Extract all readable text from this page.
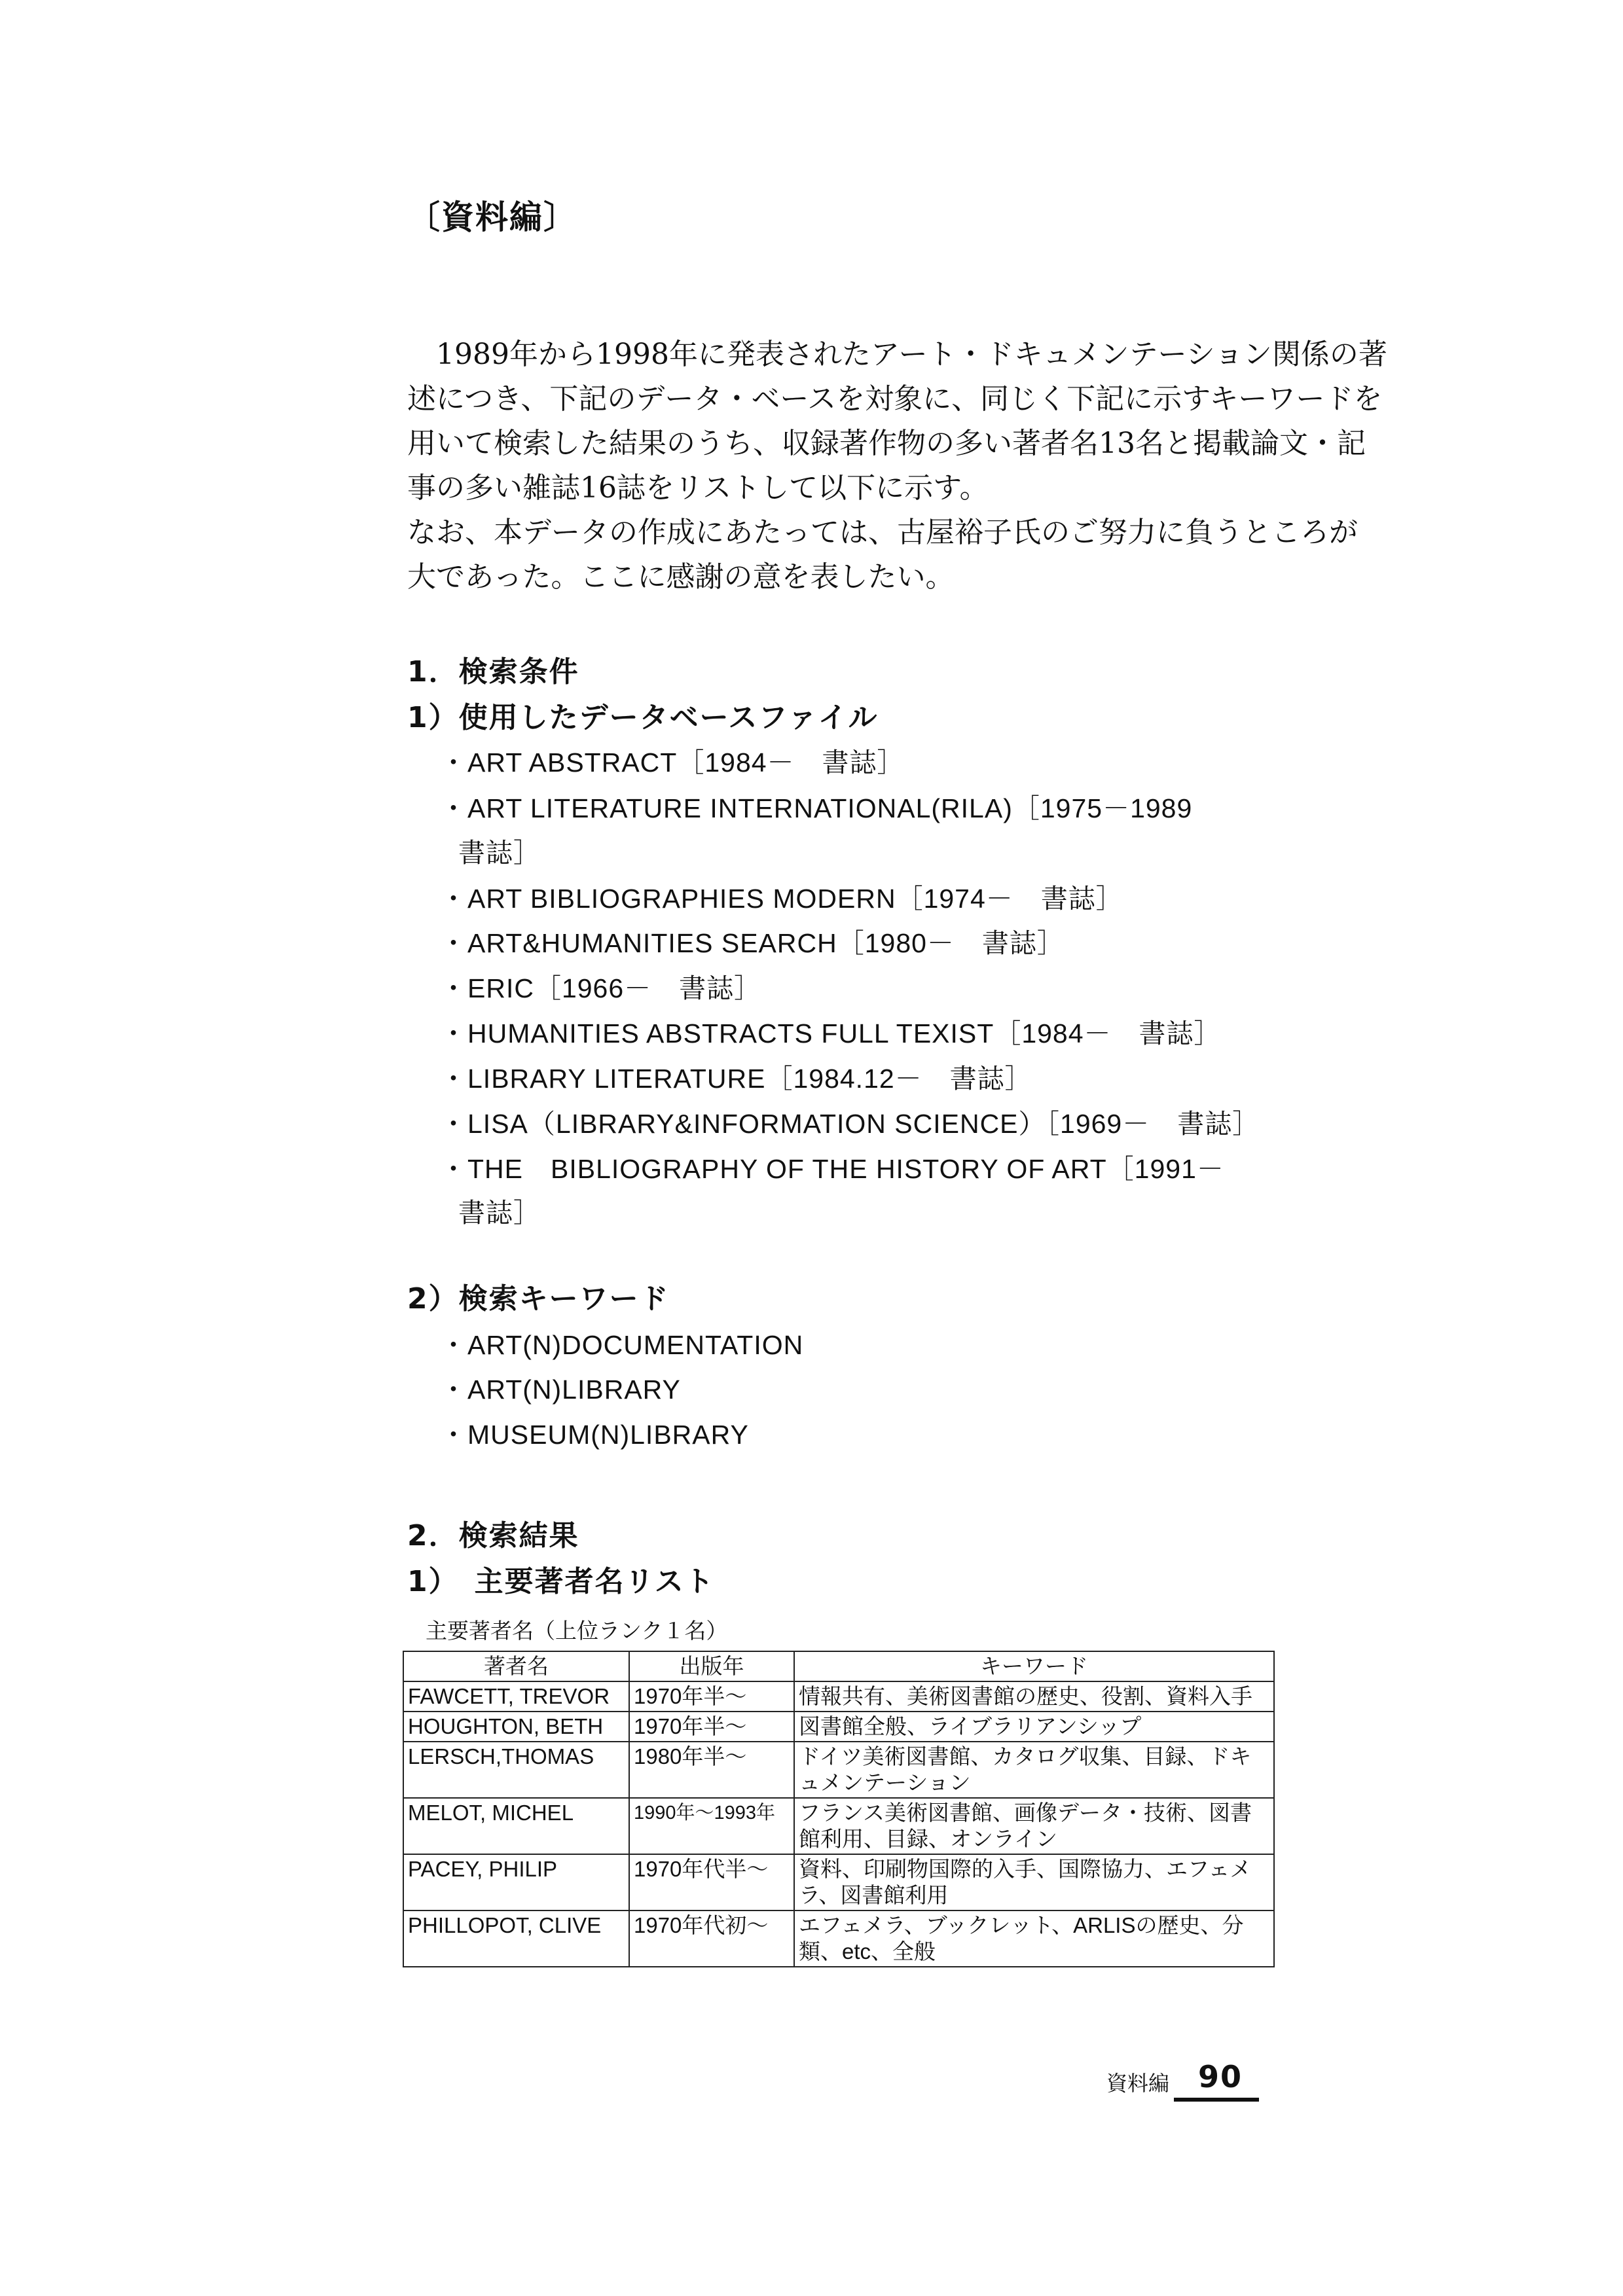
〔資料編〕
1989年から1998年に発表されたアート・ドキュメンテーション関係の著
述につき、下記のデータ・ベースを対象に、同じく下記に示すキーワードを
用いて検索した結果のうち、収録著作物の多い著者名13名と掲載論文・記
事の多い雑誌16誌をリストして以下に示す。
なお、本データの作成にあたっては、古屋裕子氏のご努力に負うところが
大であった。ここに感謝の意を表したい。
1．検索条件
1）使用したデータベースファイル
・ART ABSTRACT［1984－　書誌］
・ART LITERATURE INTERNATIONAL(RILA)［1975－1989
書誌］
・ART BIBLIOGRAPHIES MODERN［1974－　書誌］
・ART&HUMANITIES SEARCH［1980－　書誌］
・ERIC［1966－　書誌］
・HUMANITIES ABSTRACTS FULL TEXIST［1984－　書誌］
・LIBRARY LITERATURE［1984.12－　書誌］
・LISA（LIBRARY&INFORMATION SCIENCE）［1969－　書誌］
・THE　BIBLIOGRAPHY OF THE HISTORY OF ART［1991－
書誌］
2）検索キーワード
・ART(N)DOCUMENTATION
・ART(N)LIBRARY
・MUSEUM(N)LIBRARY
2．検索結果
1）　主要著者名リスト
主要著者名（上位ランク１名）
著者名	出版年	キーワード
FAWCETT, TREVOR	1970年半～	情報共有、美術図書館の歴史、役割、資料入手
HOUGHTON, BETH	1970年半～	図書館全般、ライブラリアンシップ
LERSCH,THOMAS	1980年半～	ドイツ美術図書館、カタログ収集、目録、ドキュメンテーション
MELOT, MICHEL	1990年～1993年	フランス美術図書館、画像データ・技術、図書館利用、目録、オンライン
PACEY, PHILIP	1970年代半～	資料、印刷物国際的入手、国際協力、エフェメラ、図書館利用
PHILLOPOT, CLIVE	1970年代初～	エフェメラ、ブックレット、ARLISの歴史、分類、etc、全般
資料編 90
